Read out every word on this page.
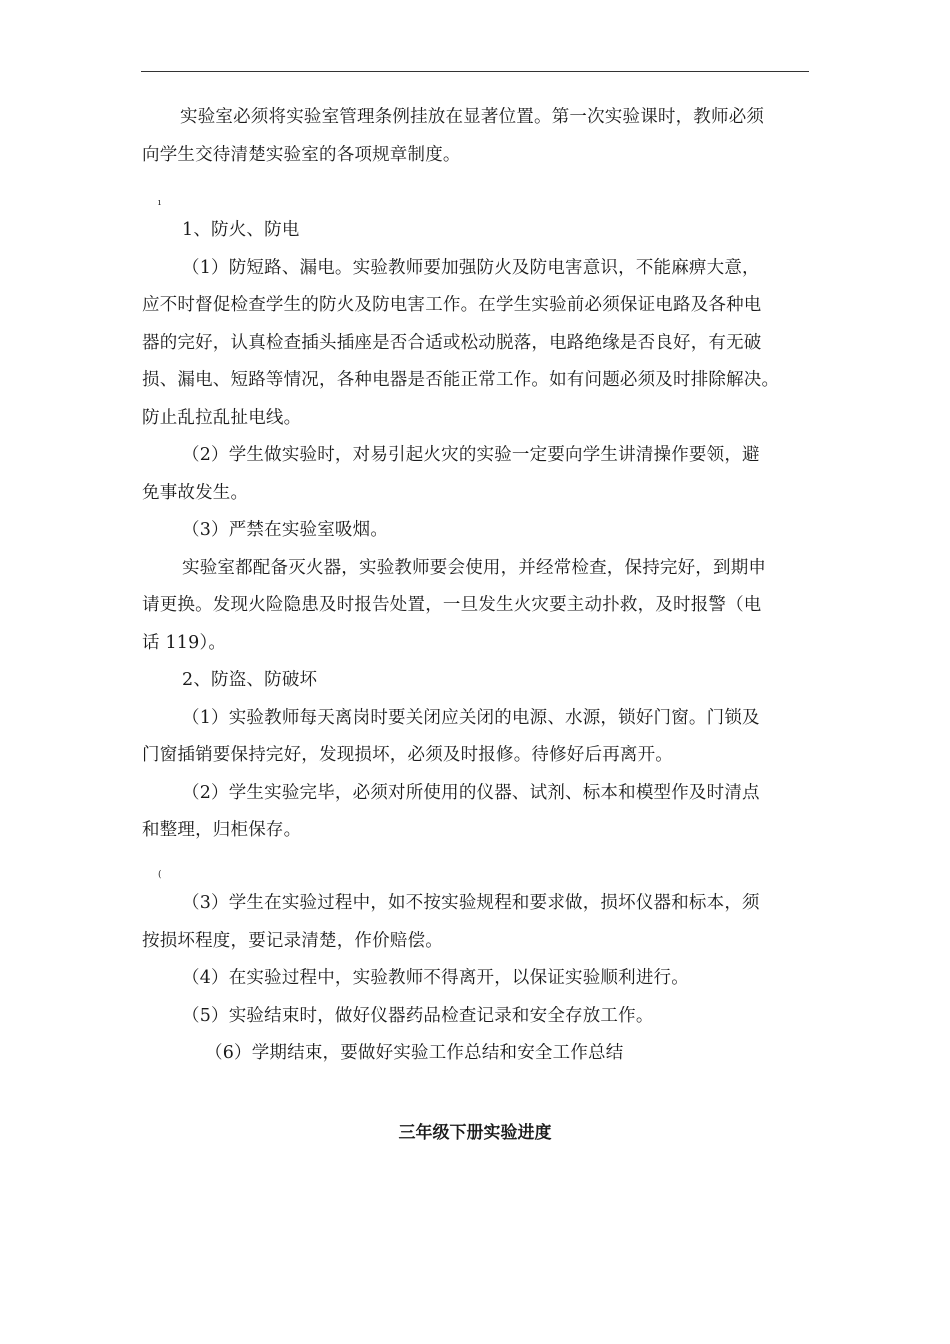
实验室必须将实验室管理条例挂放在显著位置。第一次实验课时，教师必须
向学生交待清楚实验室的各项规章制度。
ı
1、防火、防电
（1）防短路、漏电。实验教师要加强防火及防电害意识，不能麻痹大意，
应不时督促检查学生的防火及防电害工作。在学生实验前必须保证电路及各种电
器的完好，认真检查插头插座是否合适或松动脱落，电路绝缘是否良好，有无破
损、漏电、短路等情况，各种电器是否能正常工作。如有问题必须及时排除解决。
防止乱拉乱扯电线。
（2）学生做实验时，对易引起火灾的实验一定要向学生讲清操作要领，避
免事故发生。
（3）严禁在实验室吸烟。
实验室都配备灭火器，实验教师要会使用，并经常检查，保持完好，到期申
请更换。发现火险隐患及时报告处置，一旦发生火灾要主动扑救，及时报警（电
话 119）。
2、防盗、防破坏
（1）实验教师每天离岗时要关闭应关闭的电源、水源，锁好门窗。门锁及
门窗插销要保持完好，发现损坏，必须及时报修。待修好后再离开。
（2）学生实验完毕，必须对所使用的仪器、试剂、标本和模型作及时清点
和整理，归柜保存。
(
（3）学生在实验过程中，如不按实验规程和要求做，损坏仪器和标本，须
按损坏程度，要记录清楚，作价赔偿。
（4）在实验过程中，实验教师不得离开，以保证实验顺利进行。
（5）实验结束时，做好仪器药品检查记录和安全存放工作。
（6）学期结束，要做好实验工作总结和安全工作总结
三年级下册实验进度
